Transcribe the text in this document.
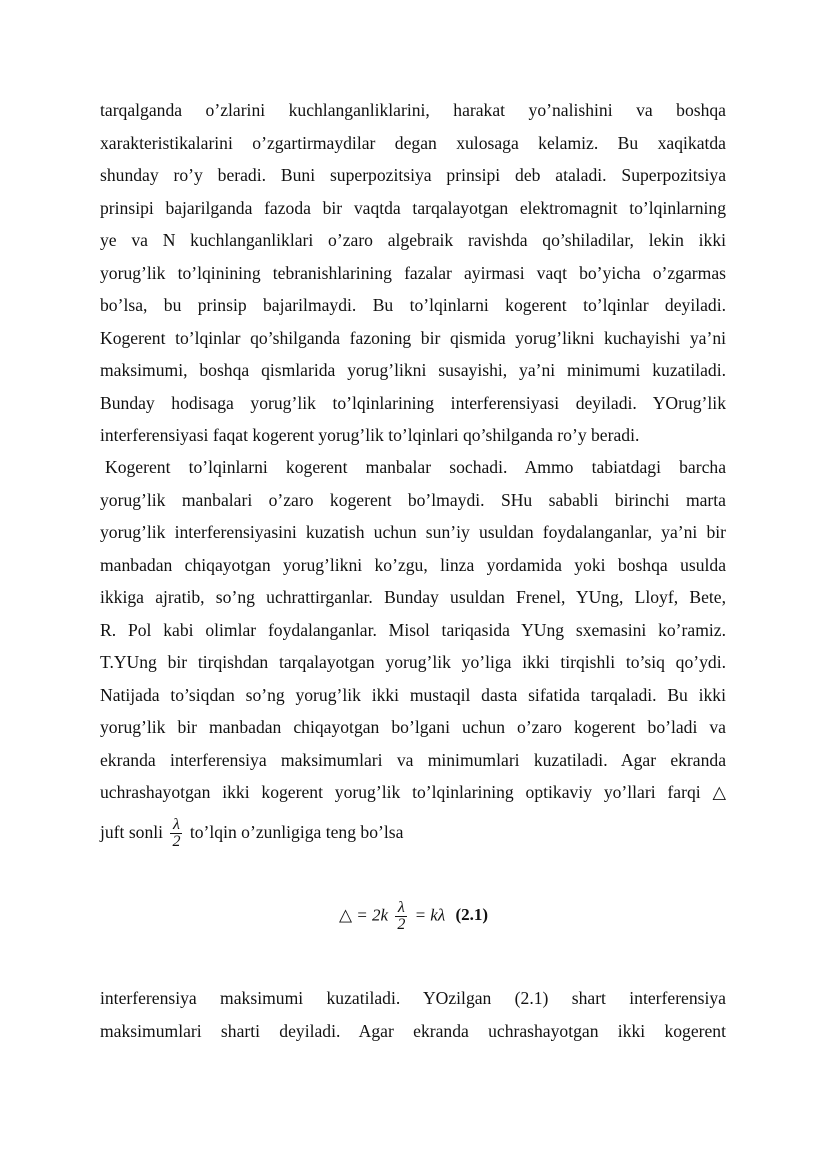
tarqalganda o’zlarini kuchlanganliklarini, harakat yo’nalishini va boshqa
xarakteristikalarini o’zgartirmaydilar degan xulosaga kelamiz. Bu xaqikatda
shunday ro’y beradi. Buni superpozitsiya prinsipi deb ataladi. Superpozitsiya
prinsipi bajarilganda fazoda bir vaqtda tarqalayotgan elektromagnit to’lqinlarning
ye va N kuchlanganliklari o’zaro algebraik ravishda qo’shiladilar, lekin ikki
yorug’lik to’lqinining tebranishlarining fazalar ayirmasi vaqt bo’yicha o’zgarmas
bo’lsa, bu prinsip bajarilmaydi. Bu to’lqinlarni kogerent to’lqinlar deyiladi.
Kogerent to’lqinlar qo’shilganda fazoning bir qismida yorug’likni kuchayishi ya’ni
maksimumi, boshqa qismlarida yorug’likni susayishi, ya’ni minimumi kuzatiladi.
Bunday hodisaga yorug’lik to’lqinlarining interferensiyasi deyiladi. YOrug’lik
interferensiyasi faqat kogerent yorug’lik to’lqinlari qo’shilganda ro’y beradi.
Kogerent to’lqinlarni kogerent manbalar sochadi. Ammo tabiatdagi barcha
yorug’lik manbalari o’zaro kogerent bo’lmaydi. SHu sababli birinchi marta
yorug’lik interferensiyasini kuzatish uchun sun’iy usuldan foydalanganlar, ya’ni bir
manbadan chiqayotgan yorug’likni ko’zgu, linza yordamida yoki boshqa usulda
ikkiga ajratib, so’ng uchrattirganlar. Bunday usuldan Frenel, YUng, Lloyf, Bete,
R. Pol kabi olimlar foydalanganlar. Misol tariqasida YUng sxemasini ko’ramiz.
T.YUng bir tirqishdan tarqalayotgan yorug’lik yo’liga ikki tirqishli to’siq qo’ydi.
Natijada to’siqdan so’ng yorug’lik ikki mustaqil dasta sifatida tarqaladi. Bu ikki
yorug’lik bir manbadan chiqayotgan bo’lgani uchun o’zaro kogerent bo’ladi va
ekranda interferensiya maksimumlari va minimumlari kuzatiladi. Agar ekranda
uchrashayotgan ikki kogerent yorug’lik to’lqinlarining optikaviy yo’llari farqi △
juft sonli $\frac{\lambda}{2}$ to’lqin o’zunligiga teng bo’lsa
△ = $2k \frac{\lambda}{2} = k\lambda$ (2.1)
interferensiya maksimumi kuzatiladi. YOzilgan (2.1) shart interferensiya
maksimumlari sharti deyiladi. Agar ekranda uchrashayotgan ikki kogerent
